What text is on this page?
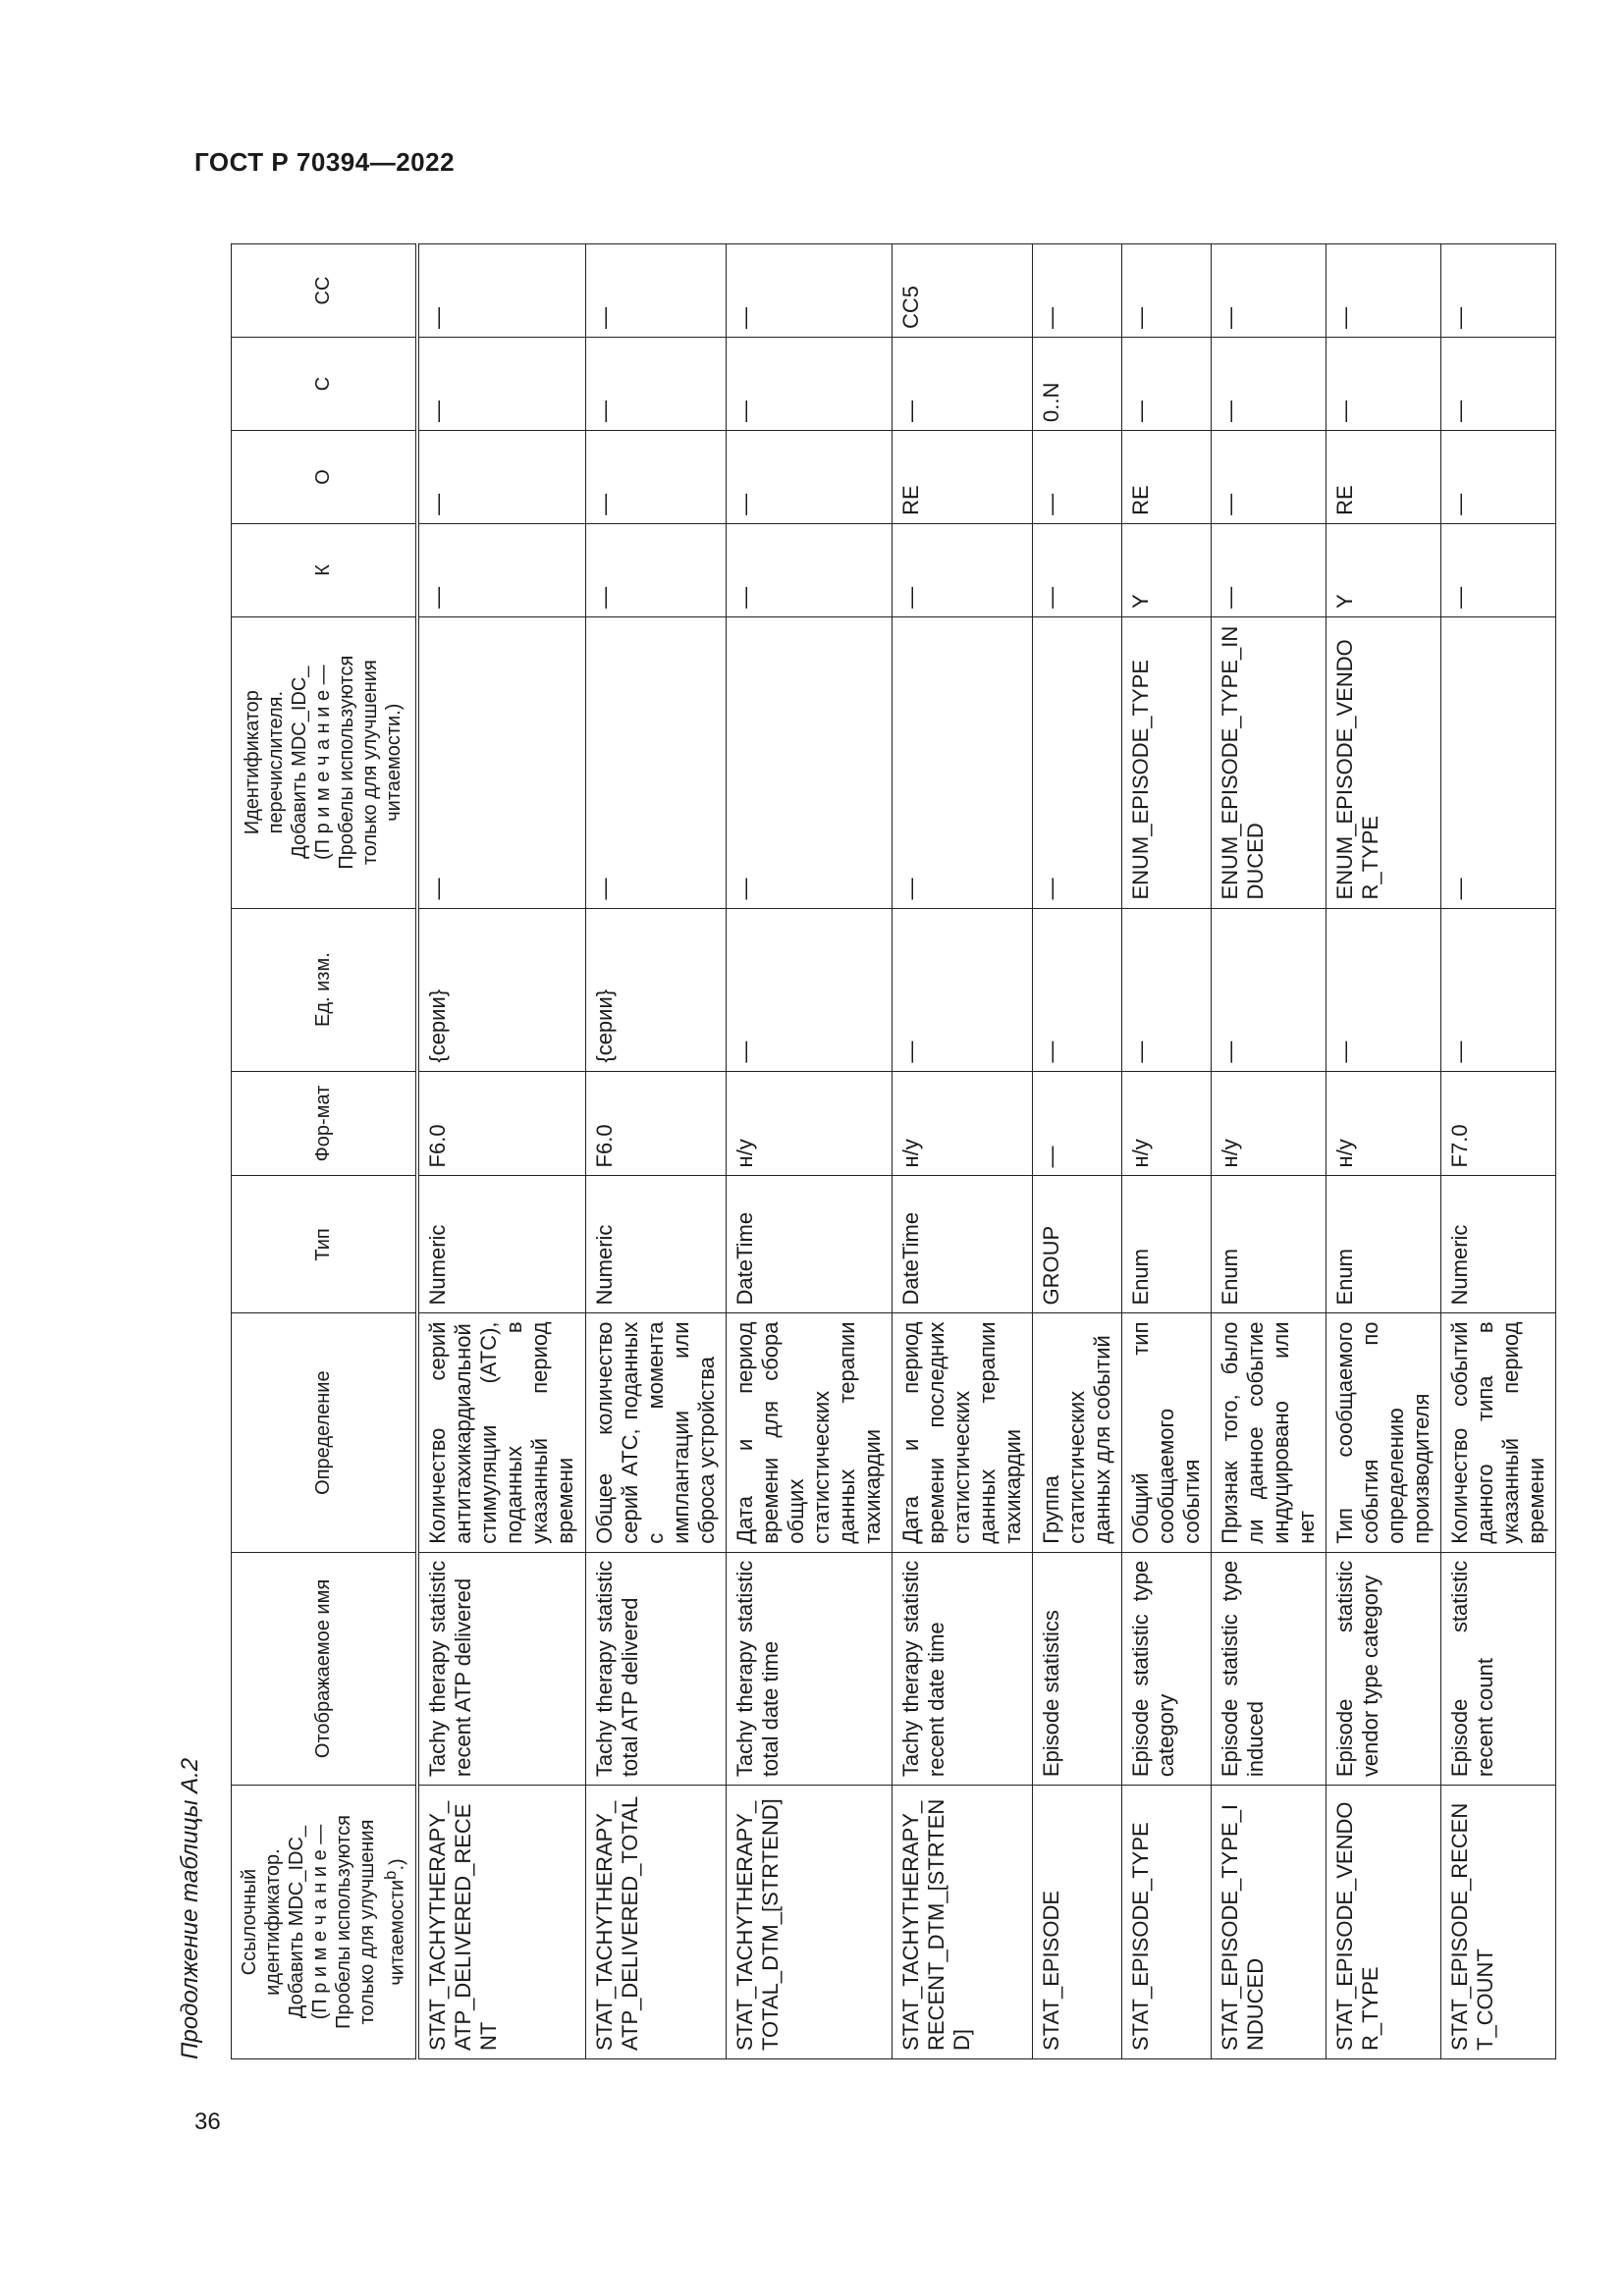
ГОСТ Р 70394—2022
Продолжение таблицы А.2 Ссылочный идентификатор. Добавить MDC_IDC_ (П р и м е ч а н и е — Пробелы используются только для улучшения читаемости$^b$.)	Отображаемое имя	Определение	Тип	Фор-мат	Ед. изм.	Идентификатор перечислителя. Добавить MDC_IDC_ (П р и м е ч а н и е — Пробелы используются только для улучшения читаемости.)	К	О	С	СС
STAT_TACHYTHERAPY_ATP_DELIVERED_RECENT	Tachy therapy statistic recent ATP delivered	Количество серий антитахикардиальной стимуляции (АТС), поданных в указанный период времени	Numeric	F6.0	{серии}	—	—	—	—	—
STAT_TACHYTHERAPY_ATP_DELIVERED_TOTAL	Tachy therapy statistic total ATP delivered	Общее количество серий АТС, поданных с момента имплантации или сброса устройства	Numeric	F6.0	{серии}	—	—	—	—	—
STAT_TACHYTHERAPY_TOTAL_DTM_[STRTEND]	Tachy therapy statistic total date time	Дата и период времени для сбора общих статистических данных терапии тахикардии	DateTime	н/у	—	—	—	—	—	—
STAT_TACHYTHERAPY_RECENT_DTM_[STRTEND]	Tachy therapy statistic recent date time	Дата и период времени последних статистических данных терапии тахикардии	DateTime	н/у	—	—	—	RE	—	CC5
STAT_EPISODE	Episode statistics	Группа статистических данных для событий	GROUP	—	—	—	—	—	0..N	—
STAT_EPISODE_TYPE	Episode statistic type category	Общий тип сообщаемого события	Enum	н/у	—	ENUM_EPISODE_TYPE	Y	RE	—	—
STAT_EPISODE_TYPE_INDUCED	Episode statistic type induced	Признак того, было ли данное событие индуцировано или нет	Enum	н/у	—	ENUM_EPISODE_TYPE_INDUCED	—	—	—	—
STAT_EPISODE_VENDOR_TYPE	Episode statistic vendor type category	Тип сообщаемого события по определению производителя	Enum	н/у	—	ENUM_EPISODE_VENDOR_TYPE	Y	RE	—	—
STAT_EPISODE_RECENT_COUNT	Episode statistic recent count	Количество событий данного типа в указанный период времени	Numeric	F7.0	—	—	—	—	—	—
36
